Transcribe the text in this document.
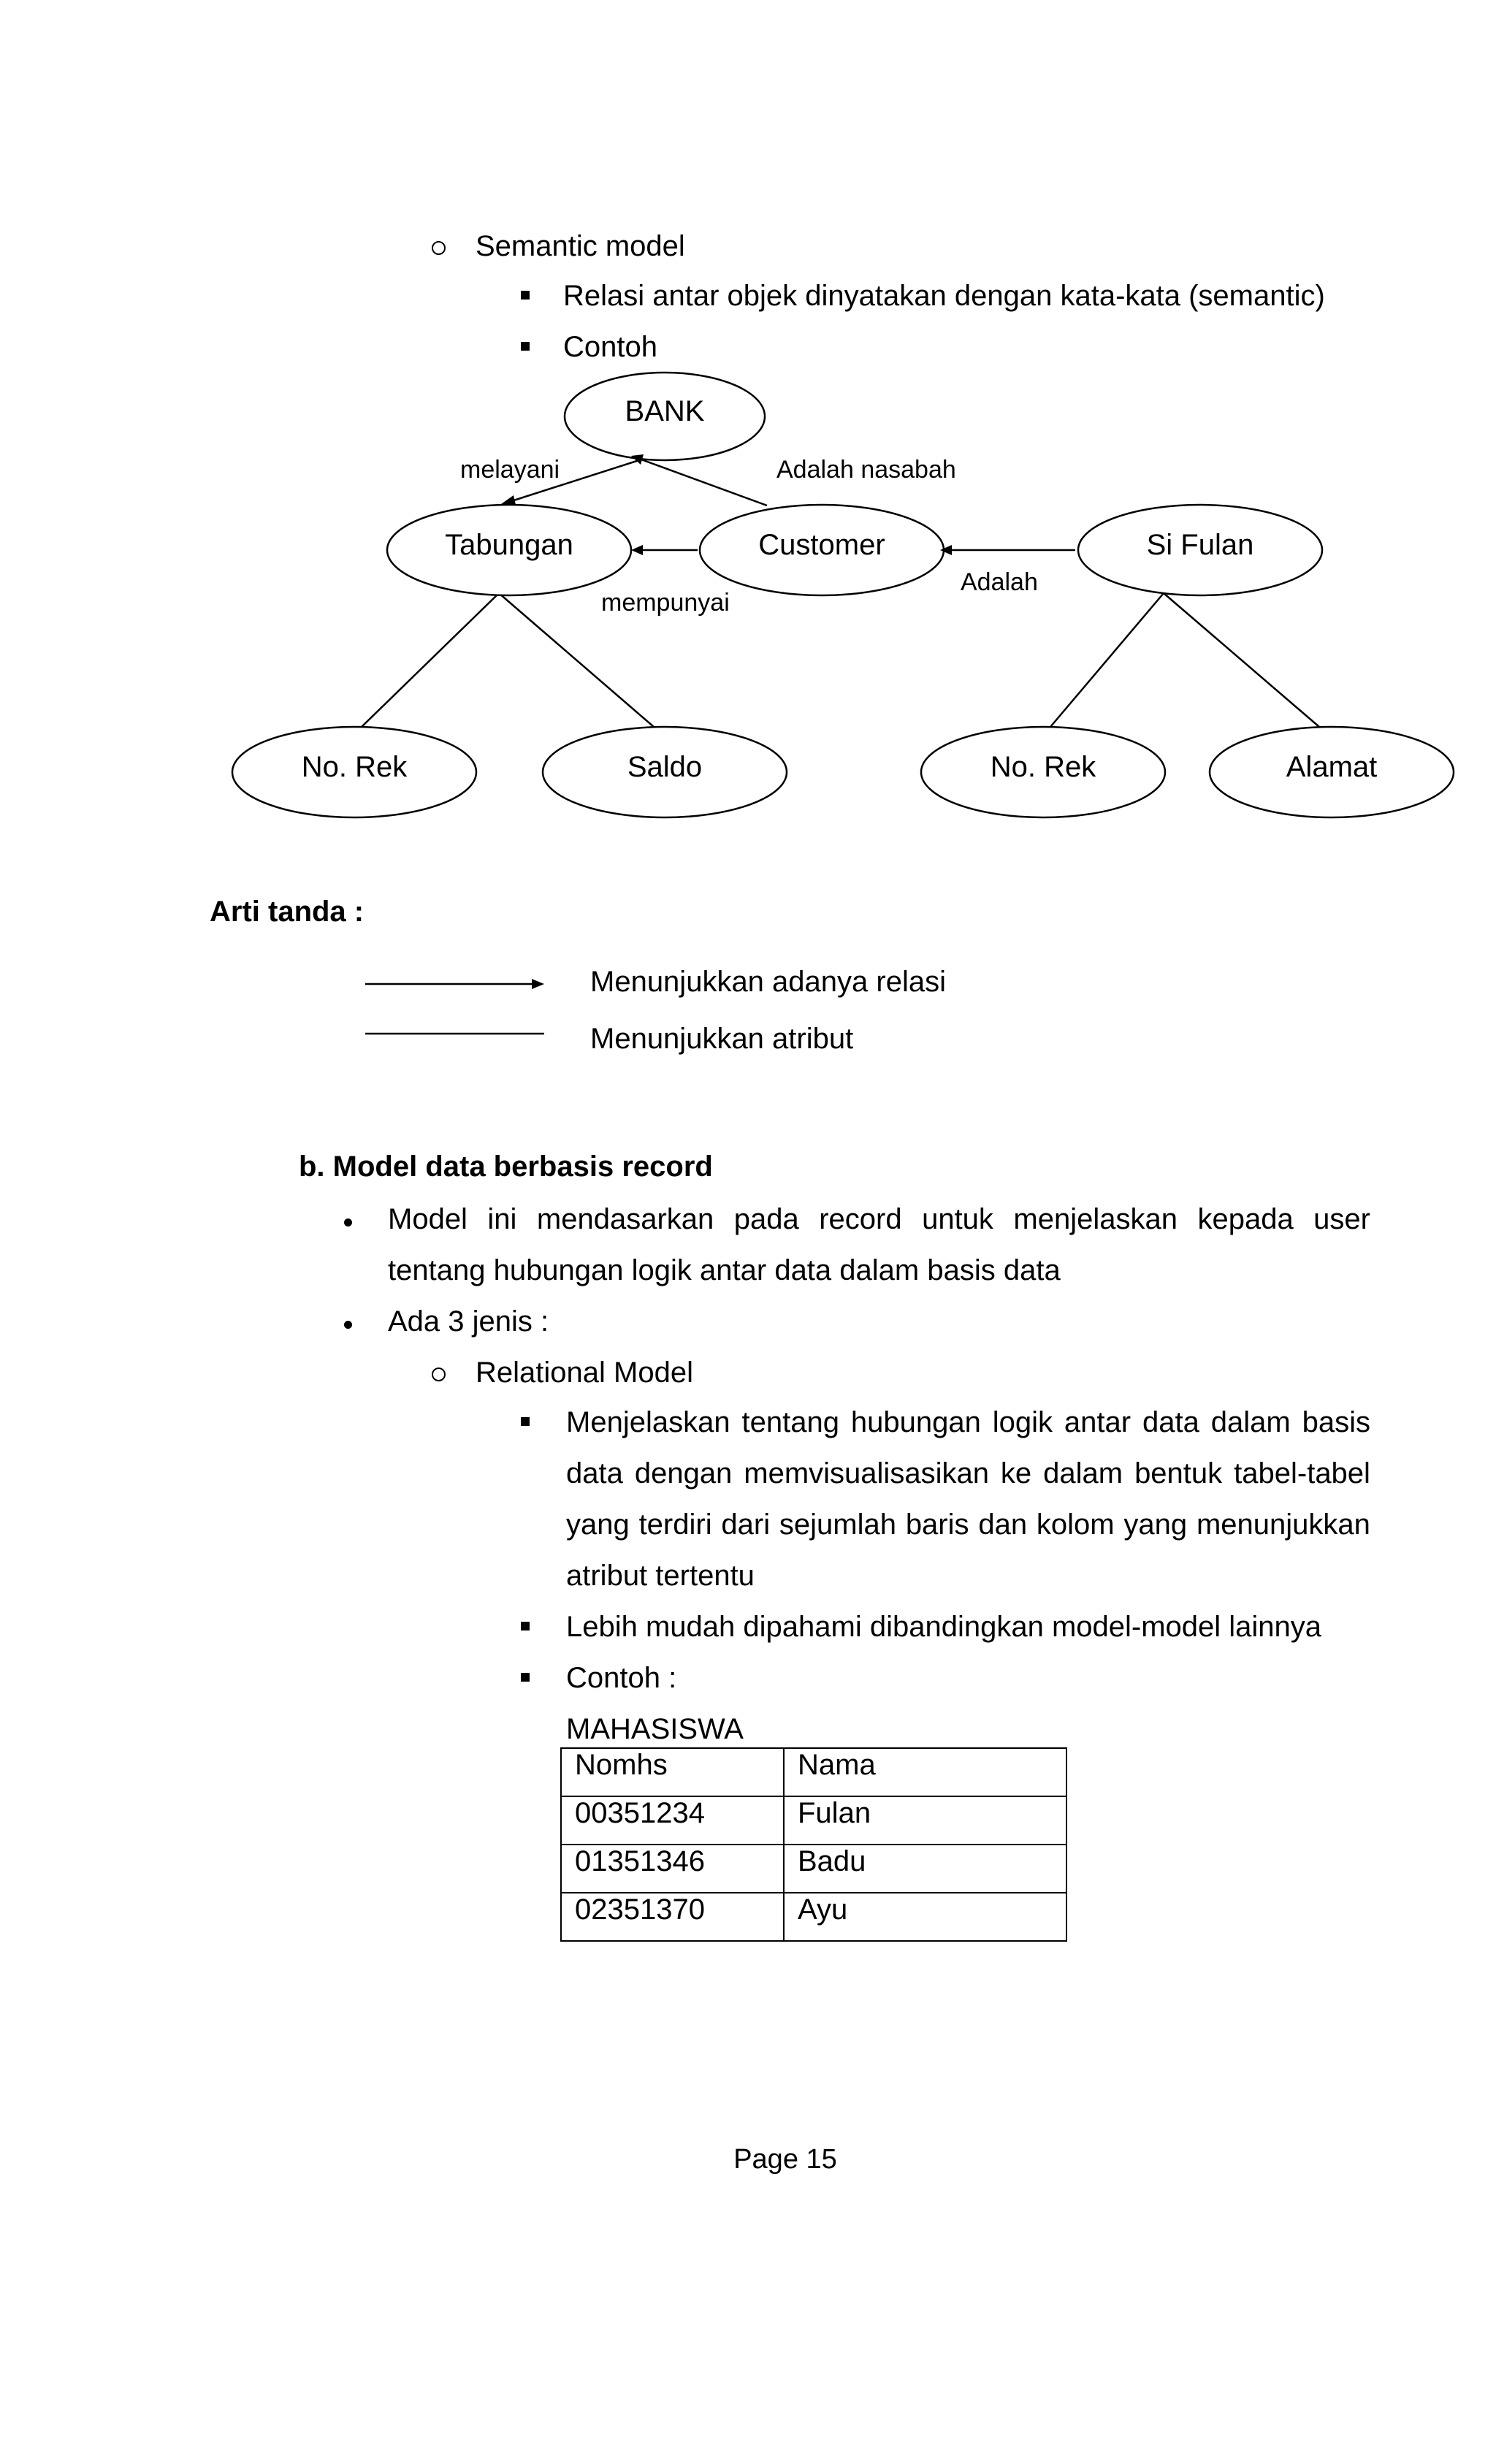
Semantic model
Relasi antar objek dinyatakan dengan kata-kata (semantic)
Contoh
BANK
Tabungan	Customer	Si Fulan
No. Rek	Saldo	No. Rek	Alamat
melayani	Adalah nasabah
mempunyai
Adalah
Arti tanda :
Menunjukkan adanya relasi
Menunjukkan atribut
b. Model data berbasis record
Model ini mendasarkan pada record untuk menjelaskan kepada user
tentang hubungan logik antar data dalam basis data
Ada 3 jenis :
Relational Model
Menjelaskan tentang hubungan logik antar data dalam basis
data dengan memvisualisasikan ke dalam bentuk tabel-tabel
yang terdiri dari sejumlah baris dan kolom yang menunjukkan
atribut tertentu
Lebih mudah dipahami dibandingkan model-model lainnya
Contoh :
MAHASISWA
Nomhs	Nama
00351234	Fulan
01351346	Badu
02351370	Ayu
Page 15
